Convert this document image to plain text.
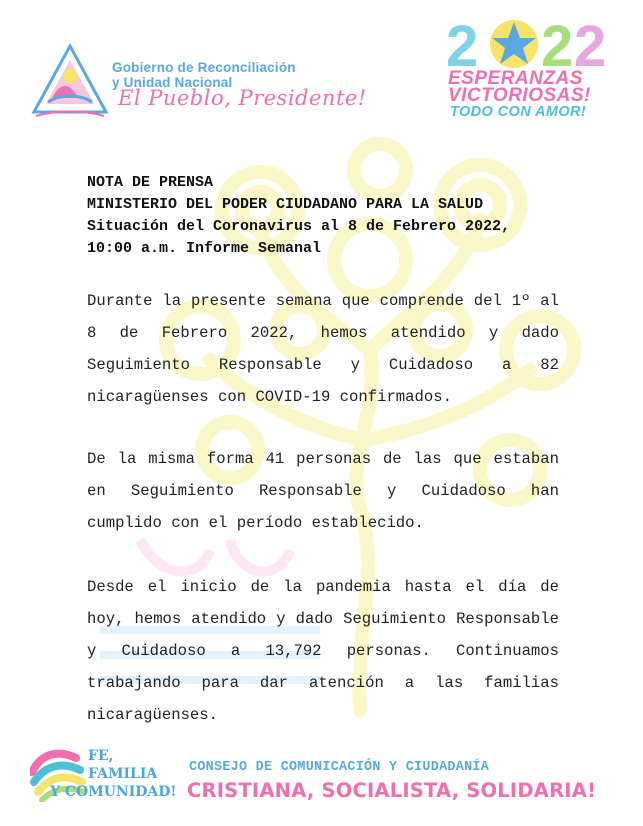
Gobierno de Reconciliación
y Unidad Nacional
El Pueblo, Presidente!
2 2 2
ESPERANZAS
VICTORIOSAS!
TODO CON AMOR!
NOTA DE PRENSA
MINISTERIO DEL PODER CIUDADANO PARA LA SALUD
Situación del Coronavirus al 8 de Febrero 2022,
10:00 a.m. Informe Semanal
Durante la presente semana que comprende del 1º al 8 de Febrero 2022, hemos atendido y dado Seguimiento Responsable y Cuidadoso a 82 nicaragüenses con COVID-19 confirmados.
De la misma forma 41 personas de las que estaban en Seguimiento Responsable y Cuidadoso han cumplido con el período establecido.
Desde el inicio de la pandemia hasta el día de hoy, hemos atendido y dado Seguimiento Responsable y Cuidadoso a 13,792 personas. Continuamos trabajando para dar atención a las familias nicaragüenses.
FE,
FAMILIA
Y COMUNIDAD!
CONSEJO DE COMUNICACIÓN Y CIUDADANÍA
CRISTIANA, SOCIALISTA, SOLIDARIA!
